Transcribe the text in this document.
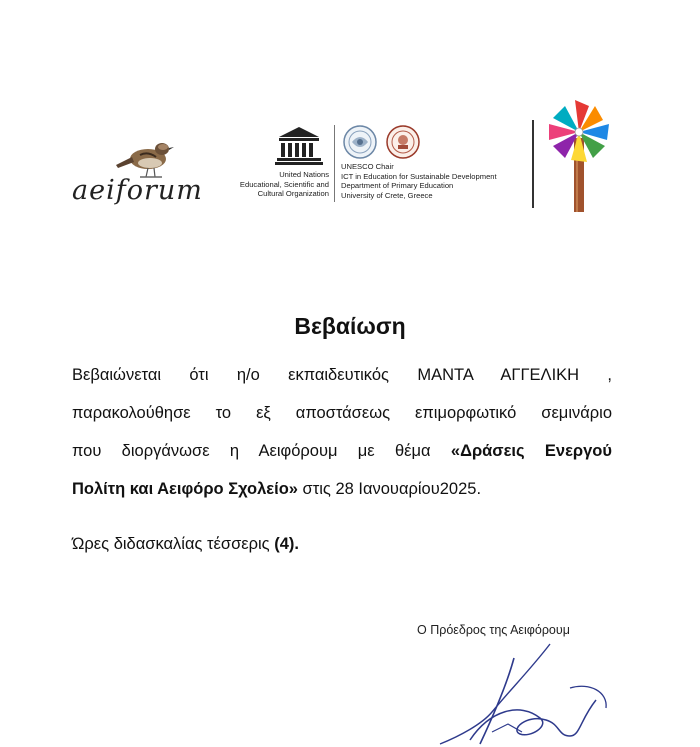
aeiforum
United Nations
Educational, Scientific and
Cultural Organization
UNESCO Chair
ICT in Education for Sustainable Development
Department of Primary Education
University of Crete, Greece
Βεβαίωση
Βεβαιώνεται ότι η/ο εκπαιδευτικός ΜΑΝΤΑ ΑΓΓΕΛΙΚΗ ,
παρακολούθησε το εξ αποστάσεως επιμορφωτικό σεμινάριο
που διοργάνωσε η Αειφόρουμ με θέμα «Δράσεις Ενεργού
Πολίτη και Αειφόρο Σχολείο» στις 28 Ιανουαρίου2025.
Ώρες διδασκαλίας τέσσερις (4).
Ο Πρόεδρος της Αειφόρουμ
